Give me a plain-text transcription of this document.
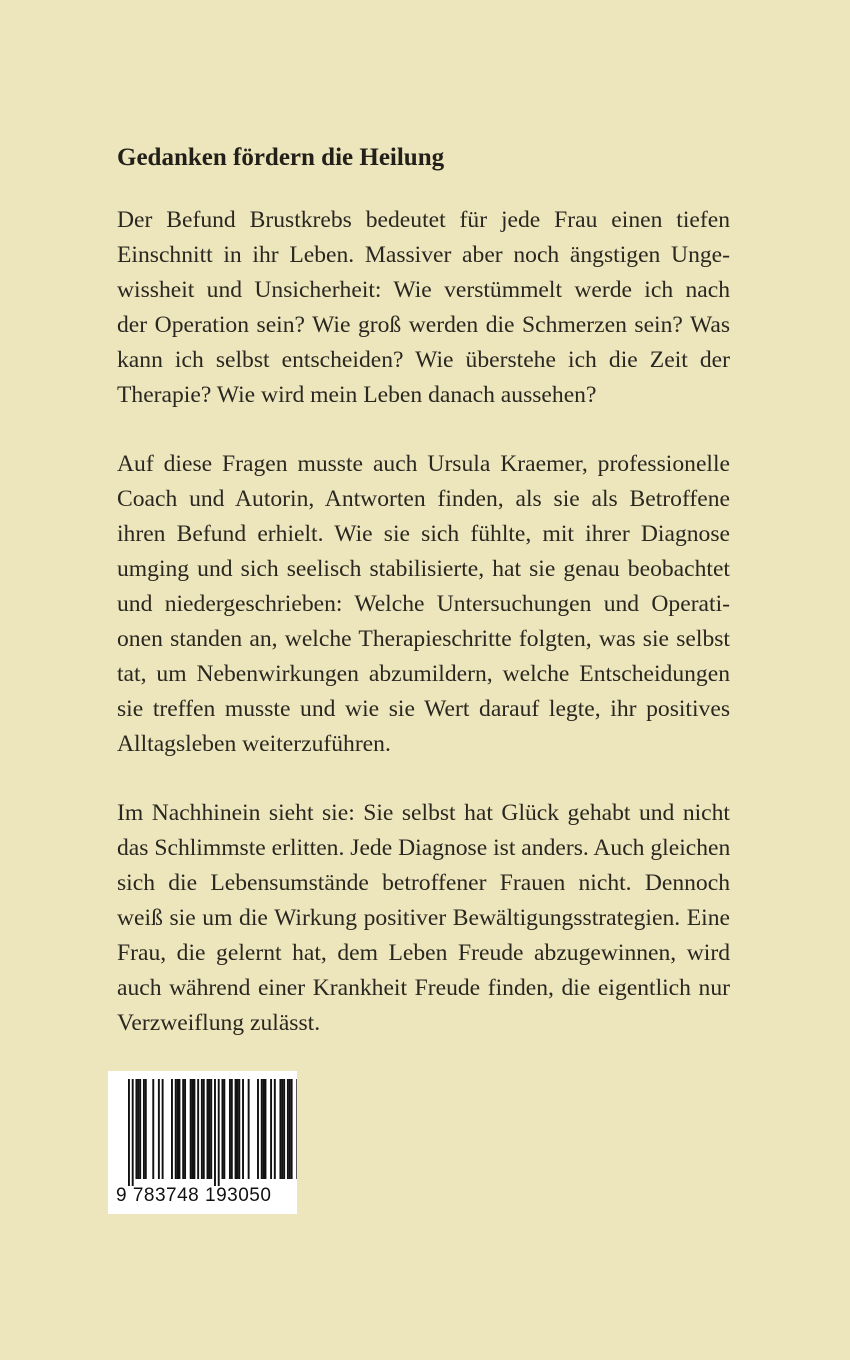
Gedanken fördern die Heilung

Der Befund Brustkrebs bedeutet für jede Frau einen tiefen
Einschnitt in ihr Leben. Massiver aber noch ängstigen Unge-
wissheit und Unsicherheit: Wie verstümmelt werde ich nach
der Operation sein? Wie groß werden die Schmerzen sein? Was
kann ich selbst entscheiden? Wie überstehe ich die Zeit der
Therapie? Wie wird mein Leben danach aussehen?

Auf diese Fragen musste auch Ursula Kraemer, professionelle
Coach und Autorin, Antworten finden, als sie als Betroffene
ihren Befund erhielt. Wie sie sich fühlte, mit ihrer Diagnose
umging und sich seelisch stabilisierte, hat sie genau beobachtet
und niedergeschrieben: Welche Untersuchungen und Operati-
onen standen an, welche Therapieschritte folgten, was sie selbst
tat, um Nebenwirkungen abzumildern, welche Entscheidungen
sie treffen musste und wie sie Wert darauf legte, ihr positives
Alltagsleben weiterzuführen.

Im Nachhinein sieht sie: Sie selbst hat Glück gehabt und nicht
das Schlimmste erlitten. Jede Diagnose ist anders. Auch gleichen
sich die Lebensumstände betroffener Frauen nicht. Dennoch
weiß sie um die Wirkung positiver Bewältigungsstrategien. Eine
Frau, die gelernt hat, dem Leben Freude abzugewinnen, wird
auch während einer Krankheit Freude finden, die eigentlich nur
Verzweiflung zulässt.

9 783748 193050
